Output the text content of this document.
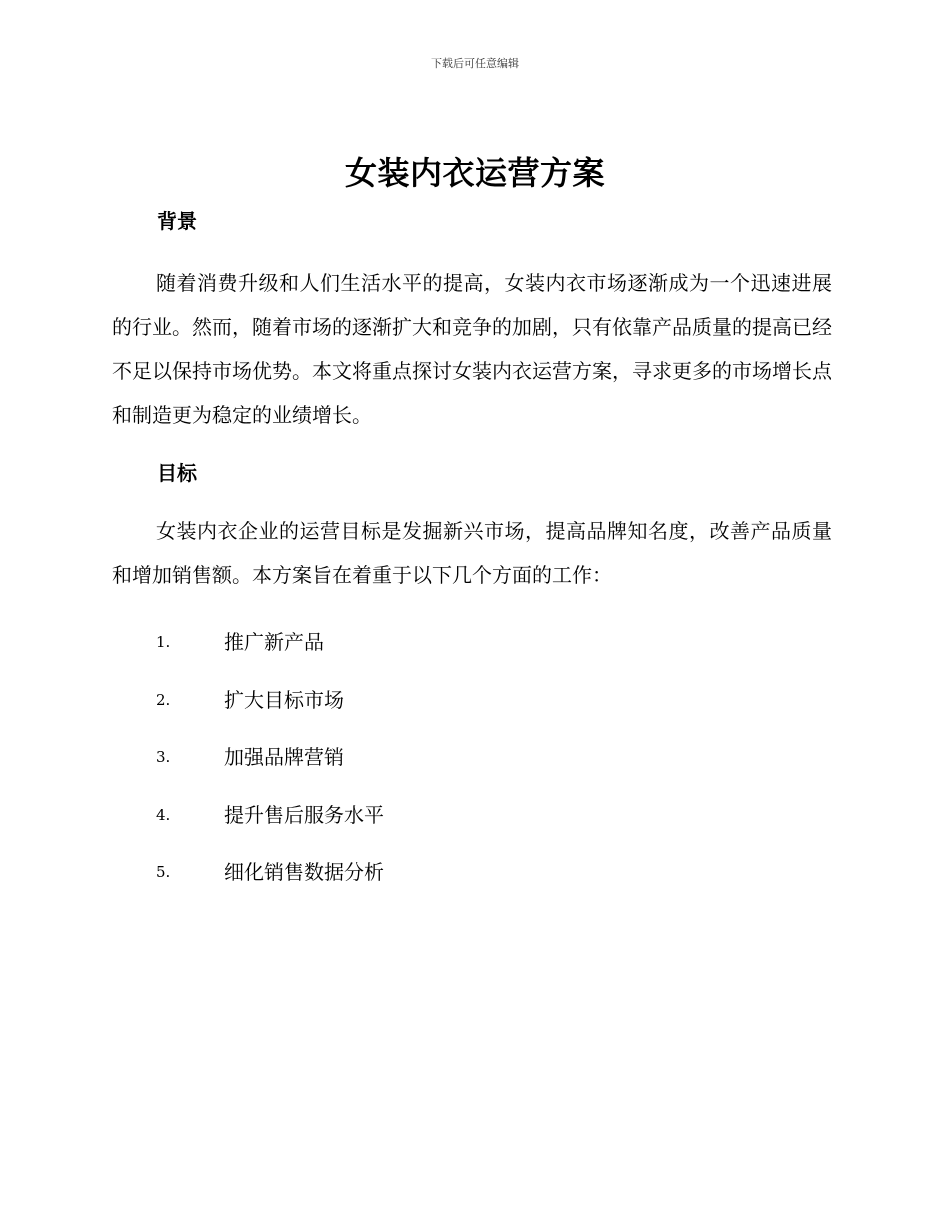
下载后可任意编辑
女装内衣运营方案
背景

随着消费升级和人们生活水平的提高，女装内衣市场逐渐成为一个迅速进展的行业。然而，随着市场的逐渐扩大和竞争的加剧，只有依靠产品质量的提高已经不足以保持市场优势。本文将重点探讨女装内衣运营方案，寻求更多的市场增长点和制造更为稳定的业绩增长。

目标

女装内衣企业的运营目标是发掘新兴市场，提高品牌知名度，改善产品质量和增加销售额。本方案旨在着重于以下几个方面的工作：

1.	推广新产品
2.	扩大目标市场
3.	加强品牌营销
4.	提升售后服务水平
5.	细化销售数据分析
